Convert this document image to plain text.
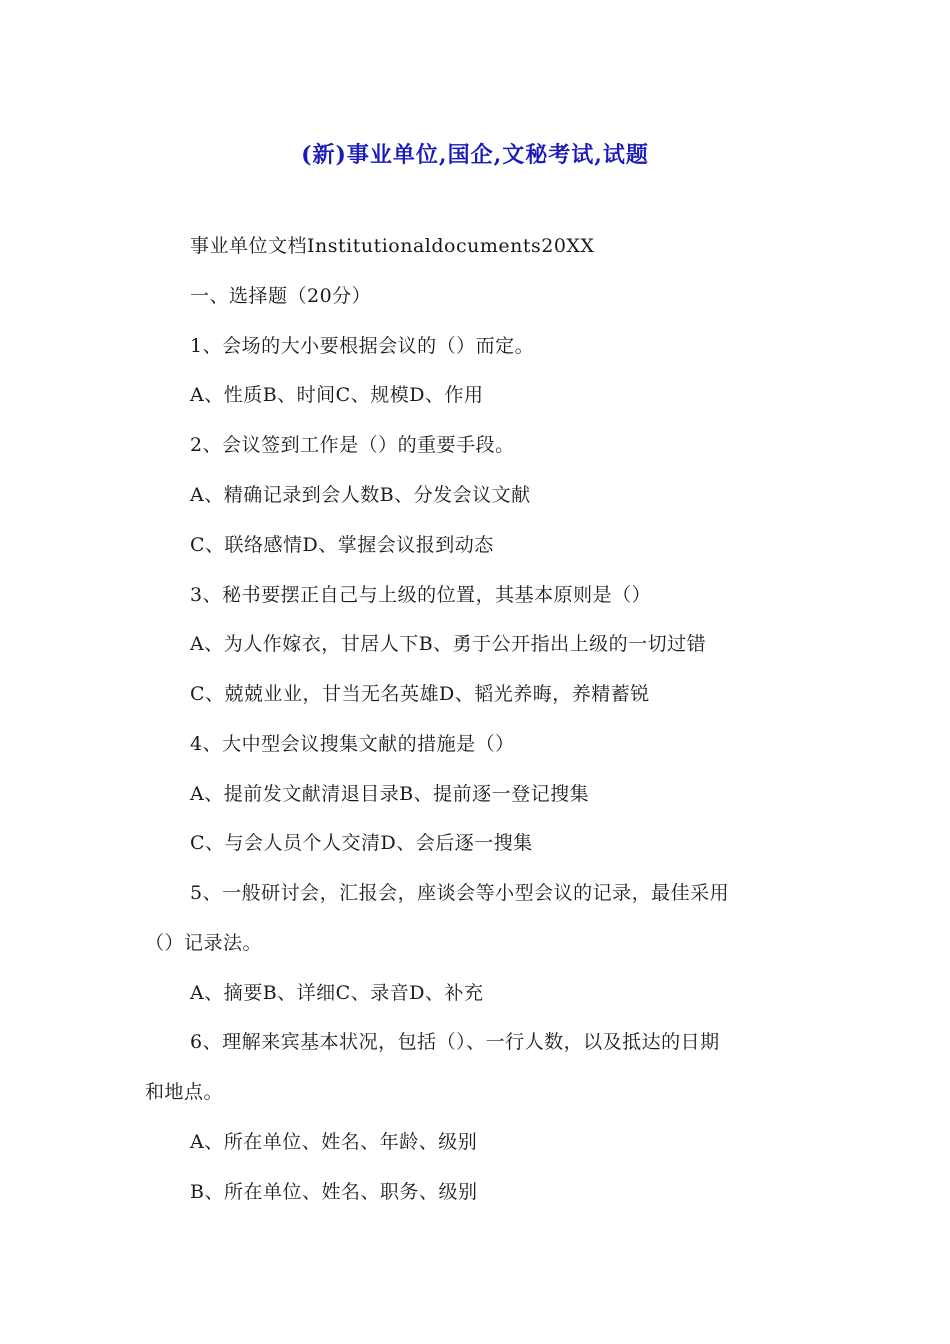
(新)事业单位,国企,文秘考试,试题
事业单位文档Institutionaldocuments20XX
一、选择题（20分）
1、会场的大小要根据会议的（）而定。
A、性质B、时间C、规模D、作用
2、会议签到工作是（）的重要手段。
A、精确记录到会人数B、分发会议文献
C、联络感情D、掌握会议报到动态
3、秘书要摆正自己与上级的位置，其基本原则是（）
A、为人作嫁衣，甘居人下B、勇于公开指出上级的一切过错
C、兢兢业业，甘当无名英雄D、韬光养晦，养精蓄锐
4、大中型会议搜集文献的措施是（）
A、提前发文献清退目录B、提前逐一登记搜集
C、与会人员个人交清D、会后逐一搜集
5、一般研讨会，汇报会，座谈会等小型会议的记录，最佳采用
（）记录法。
A、摘要B、详细C、录音D、补充
6、理解来宾基本状况，包括（）、一行人数，以及抵达的日期
和地点。
A、所在单位、姓名、年龄、级别
B、所在单位、姓名、职务、级别
